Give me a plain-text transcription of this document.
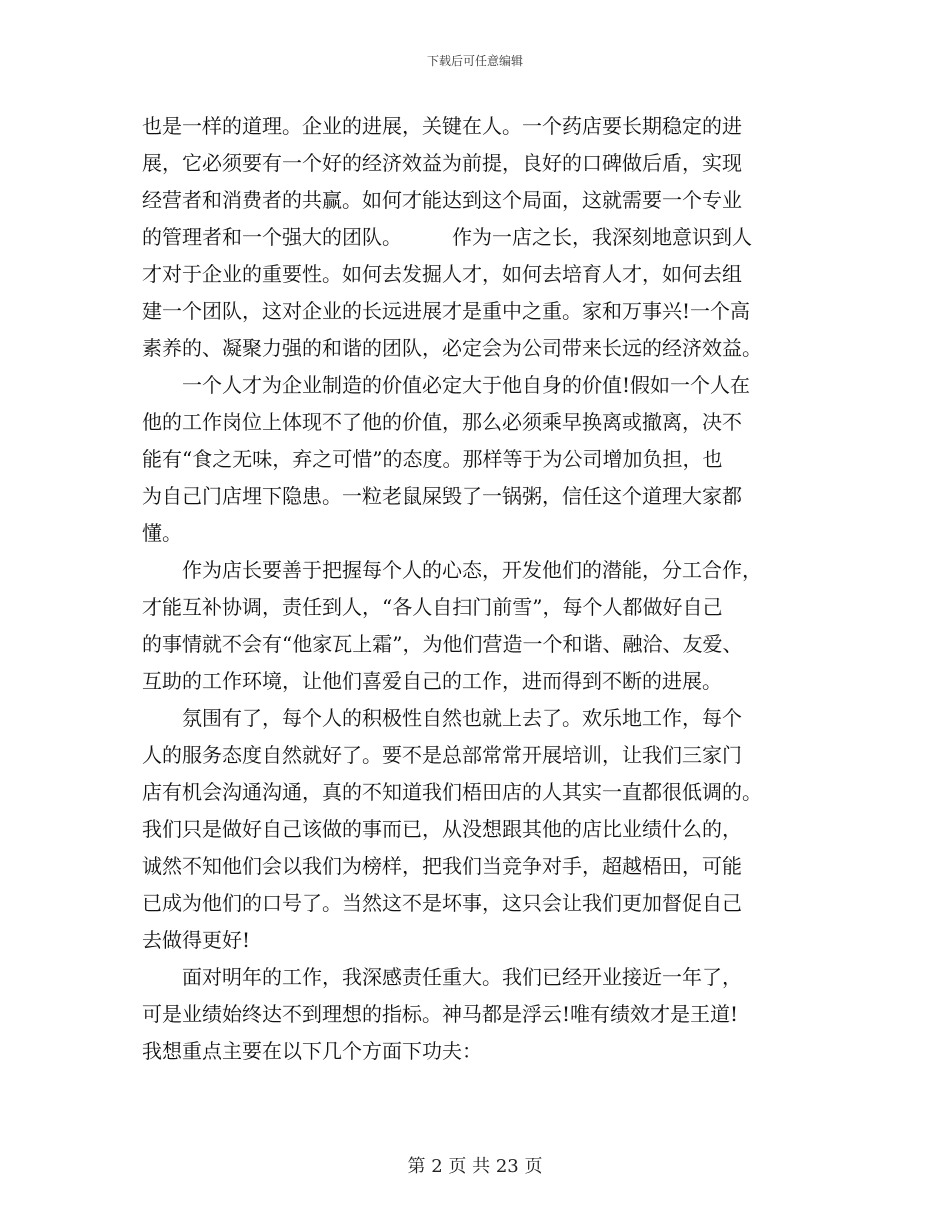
下载后可任意编辑
也是一样的道理。企业的进展，关键在人。一个药店要长期稳定的进
展，它必须要有一个好的经济效益为前提，良好的口碑做后盾，实现
经营者和消费者的共赢。如何才能达到这个局面，这就需要一个专业
的管理者和一个强大的团队。　　　作为一店之长，我深刻地意识到人
才对于企业的重要性。如何去发掘人才，如何去培育人才，如何去组
建一个团队，这对企业的长远进展才是重中之重。家和万事兴!一个高
素养的、凝聚力强的和谐的团队，必定会为公司带来长远的经济效益。
　　一个人才为企业制造的价值必定大于他自身的价值!假如一个人在
他的工作岗位上体现不了他的价值，那么必须乘早换离或撤离，决不
能有“食之无味，弃之可惜”的态度。那样等于为公司增加负担，也
为自己门店埋下隐患。一粒老鼠屎毁了一锅粥，信任这个道理大家都
懂。
　　作为店长要善于把握每个人的心态，开发他们的潜能，分工合作，
才能互补协调，责任到人，“各人自扫门前雪”，每个人都做好自己
的事情就不会有“他家瓦上霜”，为他们营造一个和谐、融洽、友爱、
互助的工作环境，让他们喜爱自己的工作，进而得到不断的进展。
　　氛围有了，每个人的积极性自然也就上去了。欢乐地工作，每个
人的服务态度自然就好了。要不是总部常常开展培训，让我们三家门
店有机会沟通沟通，真的不知道我们梧田店的人其实一直都很低调的。
我们只是做好自己该做的事而已，从没想跟其他的店比业绩什么的，
诚然不知他们会以我们为榜样，把我们当竞争对手，超越梧田，可能
已成为他们的口号了。当然这不是坏事，这只会让我们更加督促自己
去做得更好!
　　面对明年的工作，我深感责任重大。我们已经开业接近一年了，
可是业绩始终达不到理想的指标。神马都是浮云!唯有绩效才是王道!
我想重点主要在以下几个方面下功夫：
第 2 页 共 23 页
